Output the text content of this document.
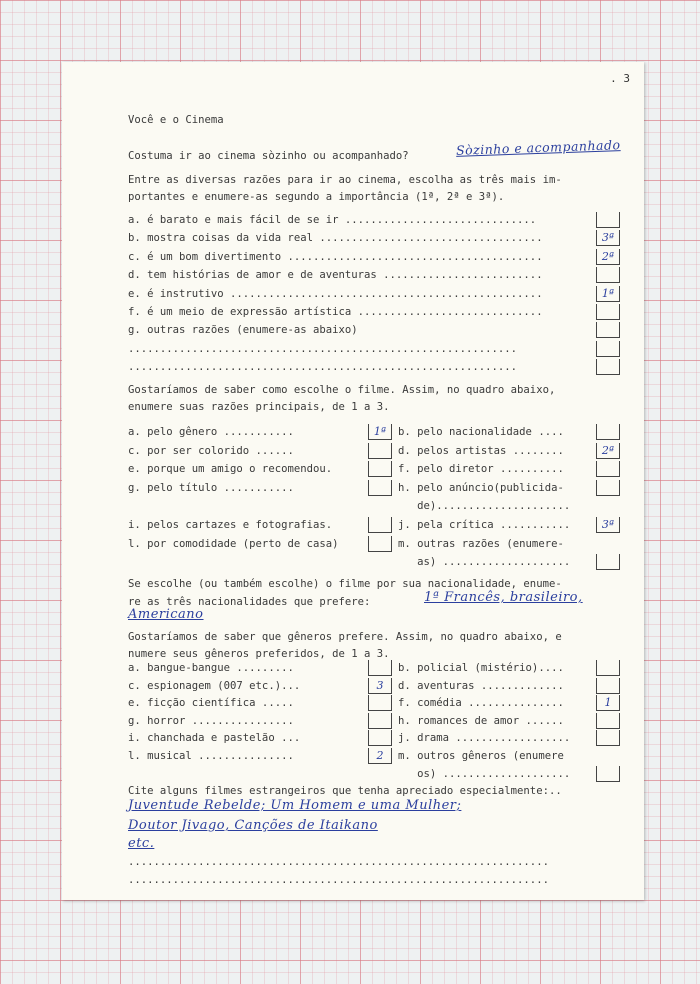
. 3
Você e o Cinema
Costuma ir ao cinema sòzinho ou acompanhado?	Sòzinho e acompanhado
Entre as diversas razões para ir ao cinema, escolha as três mais im-
portantes e enumere-as segundo a importância (1ª, 2ª e 3ª).
Gostaríamos de saber como escolhe o filme. Assim, no quadro abaixo,
enumere suas razões principais, de 1 a 3.
Se escolhe (ou também escolhe) o filme por sua nacionalidade, enume-
re as três nacionalidades que prefere:	1ª Francês, brasileiro,
Americano
Gostaríamos de saber que gêneros prefere. Assim, no quadro abaixo, e
numere seus gêneros preferidos, de 1 a 3.
Cite alguns filmes estrangeiros que tenha apreciado especialmente:..
Juventude Rebelde; Um Homem e uma Mulher;
Doutor Jivago, Canções de Itaikano
etc.
..................................................................
..................................................................
a. é barato e mais fácil de se ir ..............................
b. mostra coisas da vida real ...................................	3ª
c. é um bom divertimento ........................................	2ª
d. tem histórias de amor e de aventuras .........................
e. é instrutivo .................................................	1ª
f. é um meio de expressão artística .............................
g. outras razões (enumere-as abaixo)
.............................................................
.............................................................
a. pelo gênero ...........	1ª	b. pelo nacionalidade ....
c. por ser colorido ......	d. pelos artistas ........	2ª
e. porque um amigo o recomendou.	f. pelo diretor ..........
g. pelo título ...........	h. pelo anúncio(publicida-
de).....................
i. pelos cartazes e fotografias.	j. pela crítica ...........	3ª
l. por comodidade (perto de casa)	m. outras razões (enumere-
as) ....................
a. bangue-bangue .........	b. policial (mistério)....
c. espionagem (007 etc.)...	3	d. aventuras .............
e. ficção científica .....	f. comédia ...............	1
g. horror ................	h. romances de amor ......
i. chanchada e pastelão ...	j. drama ..................
l. musical ...............	2	m. outros gêneros (enumere
os) ....................
